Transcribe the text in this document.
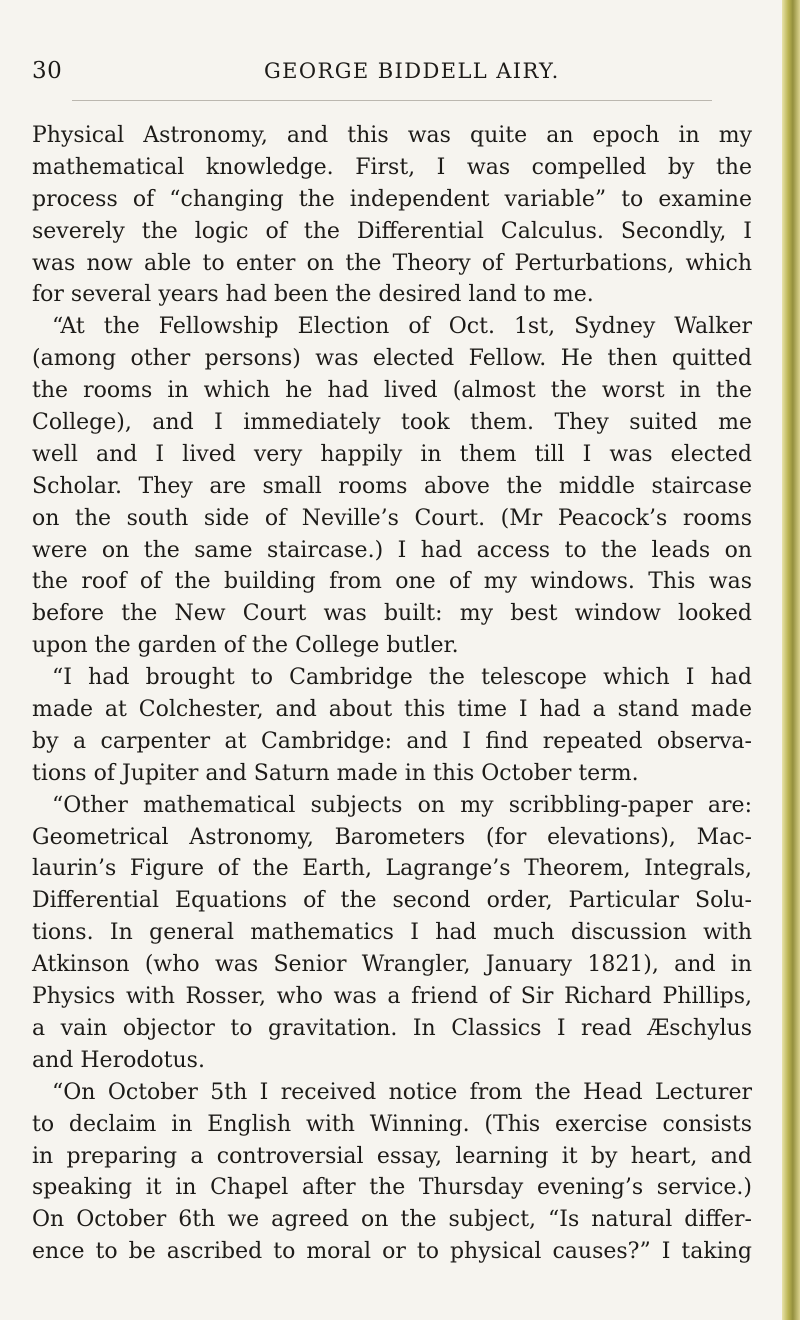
30	GEORGE BIDDELL AIRY.
Physical Astronomy, and this was quite an epoch in my
mathematical knowledge. First, I was compelled by the
process of “changing the independent variable” to examine
severely the logic of the Differential Calculus. Secondly, I
was now able to enter on the Theory of Perturbations, which
for several years had been the desired land to me.
“At the Fellowship Election of Oct. 1st, Sydney Walker
(among other persons) was elected Fellow. He then quitted
the rooms in which he had lived (almost the worst in the
College), and I immediately took them. They suited me
well and I lived very happily in them till I was elected
Scholar. They are small rooms above the middle staircase
on the south side of Neville’s Court. (Mr Peacock’s rooms
were on the same staircase.) I had access to the leads on
the roof of the building from one of my windows. This was
before the New Court was built: my best window looked
upon the garden of the College butler.
“I had brought to Cambridge the telescope which I had
made at Colchester, and about this time I had a stand made
by a carpenter at Cambridge: and I find repeated observa-
tions of Jupiter and Saturn made in this October term.
“Other mathematical subjects on my scribbling-paper are:
Geometrical Astronomy, Barometers (for elevations), Mac-
laurin’s Figure of the Earth, Lagrange’s Theorem, Integrals,
Differential Equations of the second order, Particular Solu-
tions. In general mathematics I had much discussion with
Atkinson (who was Senior Wrangler, January 1821), and in
Physics with Rosser, who was a friend of Sir Richard Phillips,
a vain objector to gravitation. In Classics I read Æschylus
and Herodotus.
“On October 5th I received notice from the Head Lecturer
to declaim in English with Winning. (This exercise consists
in preparing a controversial essay, learning it by heart, and
speaking it in Chapel after the Thursday evening’s service.)
On October 6th we agreed on the subject, “Is natural differ-
ence to be ascribed to moral or to physical causes?” I taking
